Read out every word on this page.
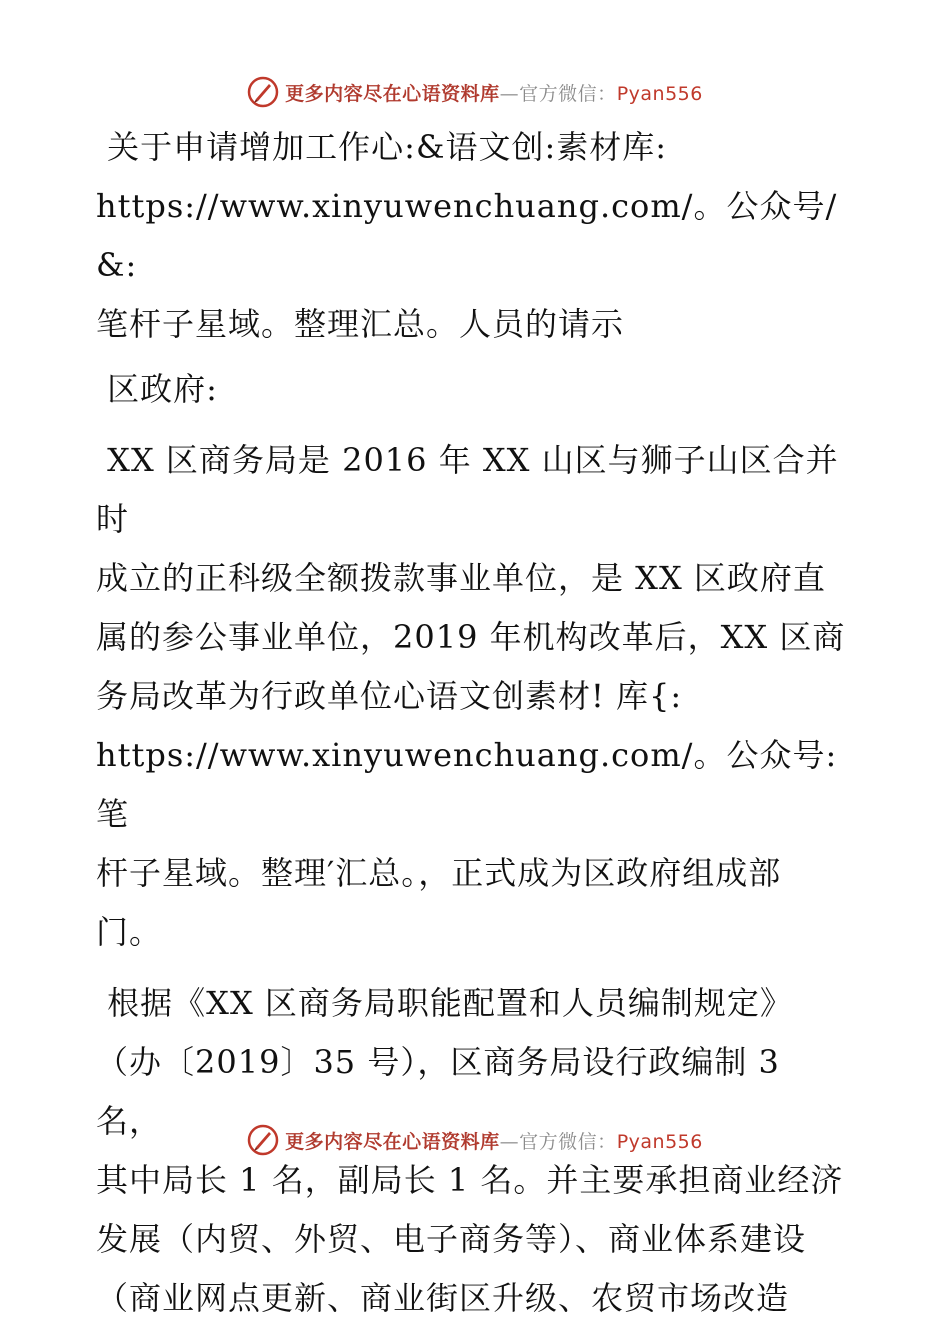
更多内容尽在心语资料库—官方微信：Pyan556

关于申请增加工作心:&语文创:素材库:
https://www.xinyuwenchuang.com/。公众号/&:
笔杆子星域。整理汇总。人员的请示

区政府:

XX 区商务局是 2016 年 XX 山区与狮子山区合并时
成立的正科级全额拨款事业单位，是 XX 区政府直
属的参公事业单位，2019 年机构改革后，XX 区商
务局改革为行政单位心语文创素材! 库{:
https://www.xinyuwenchuang.com/。公众号: 笔
杆子星域。整理′汇总。，正式成为区政府组成部
门。

根据《XX 区商务局职能配置和人员编制规定》
（办〔2019〕35 号），区商务局设行政编制 3 名，
其中局长 1 名，副局长 1 名。并主要承担商业经济
发展（内贸、外贸、电子商务等）、商业体系建设
（商业网点更新、商业街区升级、农贸市场改造

更多内容尽在心语资料库—官方微信：Pyan556
